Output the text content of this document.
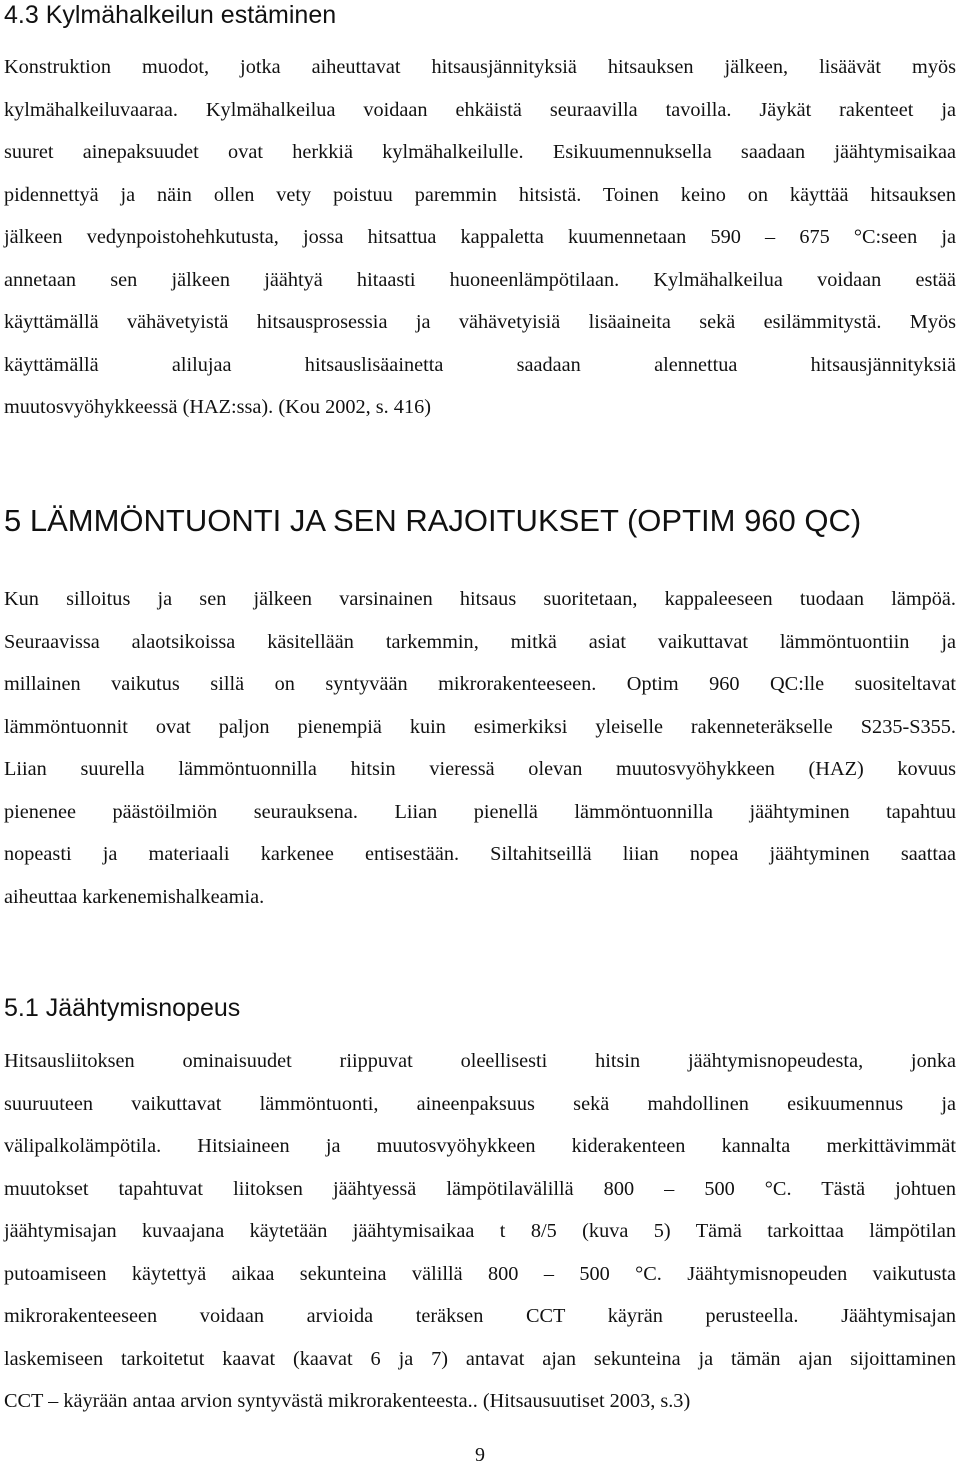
4.3 Kylmähalkeilun estäminen
Konstruktion muodot, jotka aiheuttavat hitsausjännityksiä hitsauksen jälkeen, lisäävät myös
kylmähalkeiluvaaraa. Kylmähalkeilua voidaan ehkäistä seuraavilla tavoilla. Jäykät rakenteet ja
suuret ainepaksuudet ovat herkkiä kylmähalkeilulle. Esikuumennuksella saadaan jäähtymisaikaa
pidennettyä ja näin ollen vety poistuu paremmin hitsistä. Toinen keino on käyttää hitsauksen
jälkeen vedynpoistohehkutusta, jossa hitsattua kappaletta kuumennetaan 590 – 675 °C:seen ja
annetaan sen jälkeen jäähtyä hitaasti huoneenlämpötilaan. Kylmähalkeilua voidaan estää
käyttämällä vähävetyistä hitsausprosessia ja vähävetyisiä lisäaineita sekä esilämmitystä. Myös
käyttämällä alilujaa hitsauslisäainetta saadaan alennettua hitsausjännityksiä
muutosvyöhykkeessä (HAZ:ssa). (Kou 2002, s. 416)
5 LÄMMÖNTUONTI JA SEN RAJOITUKSET (OPTIM 960 QC)
Kun silloitus ja sen jälkeen varsinainen hitsaus suoritetaan, kappaleeseen tuodaan lämpöä.
Seuraavissa alaotsikoissa käsitellään tarkemmin, mitkä asiat vaikuttavat lämmöntuontiin ja
millainen vaikutus sillä on syntyvään mikrorakenteeseen. Optim 960 QC:lle suositeltavat
lämmöntuonnit ovat paljon pienempiä kuin esimerkiksi yleiselle rakenneteräkselle S235-S355.
Liian suurella lämmöntuonnilla hitsin vieressä olevan muutosvyöhykkeen (HAZ) kovuus
pienenee päästöilmiön seurauksena. Liian pienellä lämmöntuonnilla jäähtyminen tapahtuu
nopeasti ja materiaali karkenee entisestään. Siltahitseillä liian nopea jäähtyminen saattaa
aiheuttaa karkenemishalkeamia.
5.1 Jäähtymisnopeus
Hitsausliitoksen ominaisuudet riippuvat oleellisesti hitsin jäähtymisnopeudesta, jonka
suuruuteen vaikuttavat lämmöntuonti, aineenpaksuus sekä mahdollinen esikuumennus ja
välipalkolämpötila. Hitsiaineen ja muutosvyöhykkeen kiderakenteen kannalta merkittävimmät
muutokset tapahtuvat liitoksen jäähtyessä lämpötilavälillä 800 – 500 °C. Tästä johtuen
jäähtymisajan kuvaajana käytetään jäähtymisaikaa t 8/5 (kuva 5) Tämä tarkoittaa lämpötilan
putoamiseen käytettyä aikaa sekunteina välillä 800 – 500 °C. Jäähtymisnopeuden vaikutusta
mikrorakenteeseen voidaan arvioida teräksen CCT käyrän perusteella. Jäähtymisajan
laskemiseen tarkoitetut kaavat (kaavat 6 ja 7) antavat ajan sekunteina ja tämän ajan sijoittaminen
CCT – käyrään antaa arvion syntyvästä mikrorakenteesta.. (Hitsausuutiset 2003, s.3)
9
